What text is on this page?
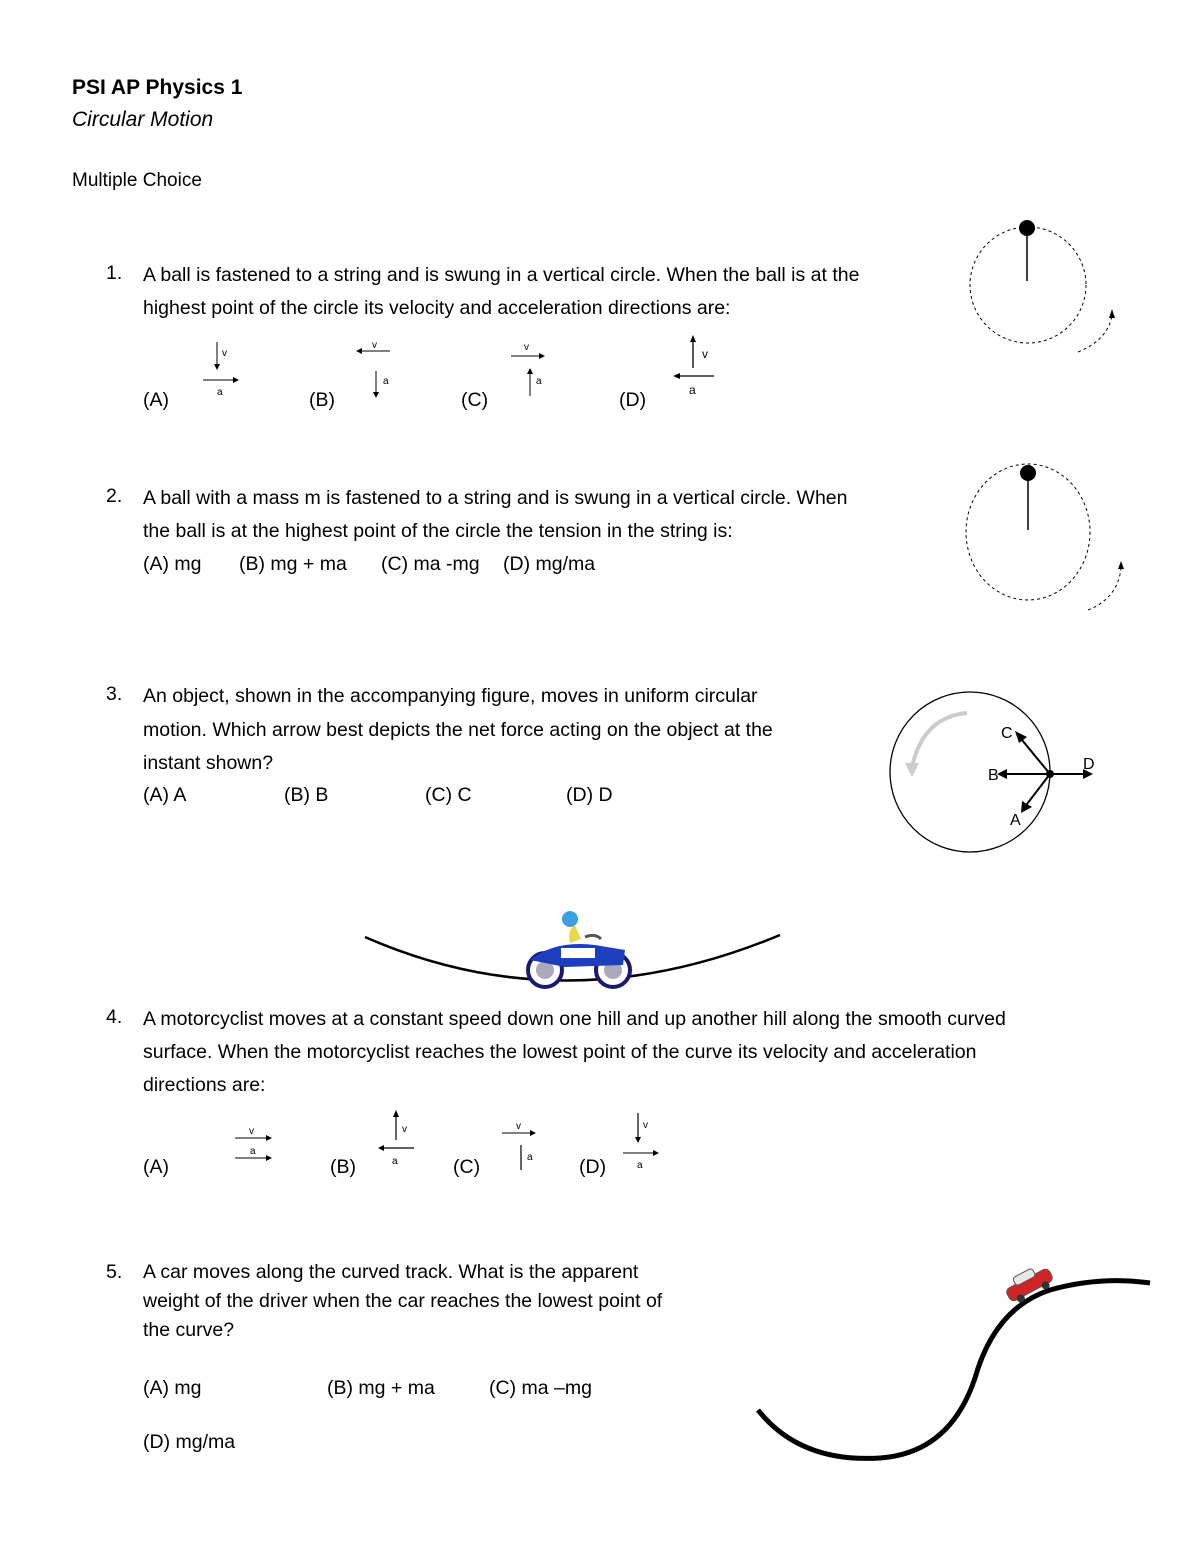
PSI AP Physics 1
Circular Motion
Multiple Choice
1. A ball is fastened to a string and is swung in a vertical circle. When the ball is at the
highest point of the circle its velocity and acceleration directions are:
(A)	(B)	(C)	(D)
v
a
v
a
v
a
v
a
2. A ball with a mass m is fastened to a string and is swung in a vertical circle. When
the ball is at the highest point of the circle the tension in the string is:
(A) mg (B) mg + ma (C) ma -mg (D) mg/ma
3. An object, shown in the accompanying figure, moves in uniform circular
motion. Which arrow best depicts the net force acting on the object at the
instant shown?
(A) A	(B) B	(C) C	(D) D
D
B
C
A
4. A motorcyclist moves at a constant speed down one hill and up another hill along the smooth curved
surface. When the motorcyclist reaches the lowest point of the curve its velocity and acceleration
directions are:
(A)	(B)	(C)	(D)
v
a
v
a
v
a
v
a
5. A car moves along the curved track. What is the apparent
weight of the driver when the car reaches the lowest point of
the curve?
(A) mg	(B) mg + ma	(C) ma –mg
(D) mg/ma
